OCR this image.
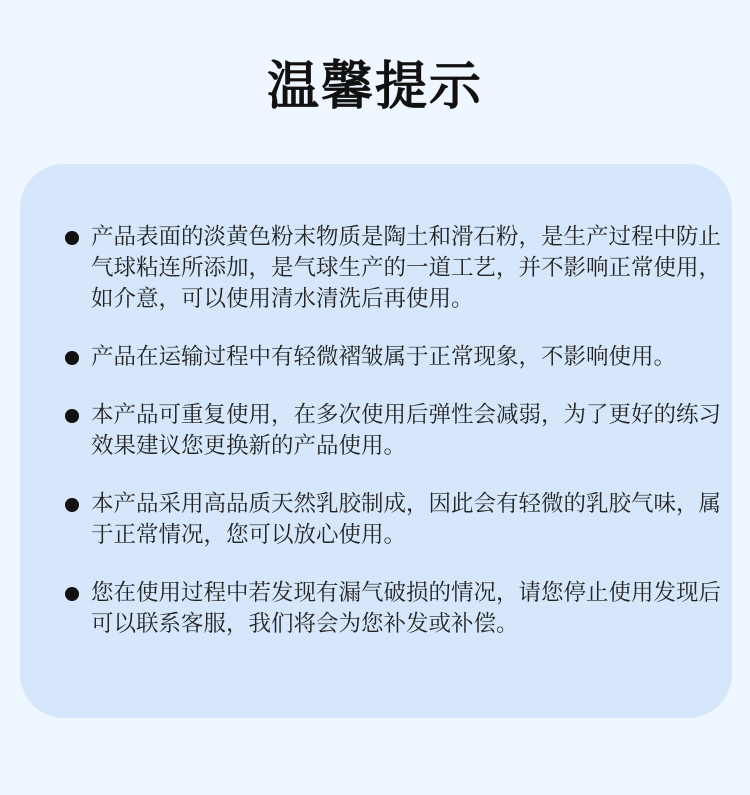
温馨提示
产品表面的淡黄色粉末物质是陶土和滑石粉，是生产过程中防止气球粘连所添加，是气球生产的一道工艺，并不影响正常使用，如介意，可以使用清水清洗后再使用。
产品在运输过程中有轻微褶皱属于正常现象，不影响使用。
本产品可重复使用，在多次使用后弹性会减弱，为了更好的练习效果建议您更换新的产品使用。
本产品采用高品质天然乳胶制成，因此会有轻微的乳胶气味，属于正常情况，您可以放心使用。
您在使用过程中若发现有漏气破损的情况，请您停止使用发现后可以联系客服，我们将会为您补发或补偿。
